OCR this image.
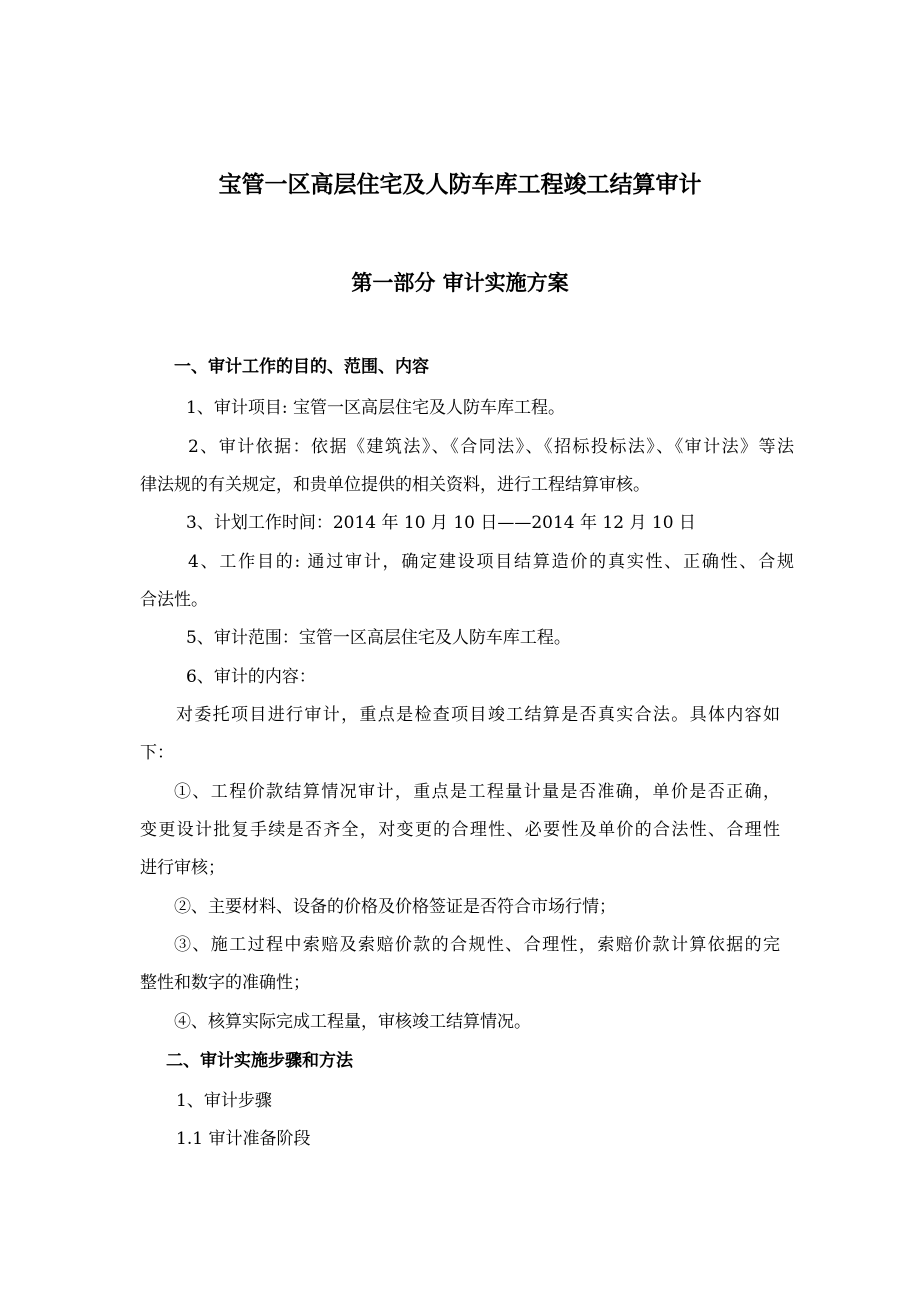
宝管一区高层住宅及人防车库工程竣工结算审计
第一部分 审计实施方案
一、审计工作的目的、范围、内容
1、审计项目: 宝管一区高层住宅及人防车库工程。
2、审计依据：依据《建筑法》、《合同法》、《招标投标法》、《审计法》等法
律法规的有关规定，和贵单位提供的相关资料，进行工程结算审核。
3、计划工作时间：2014 年 10 月 10 日——2014 年 12 月 10 日
4、工作目的: 通过审计，确定建设项目结算造价的真实性、正确性、合规
合法性。
5、审计范围：宝管一区高层住宅及人防车库工程。
6、审计的内容：
对委托项目进行审计，重点是检查项目竣工结算是否真实合法。具体内容如
下：
①、工程价款结算情况审计，重点是工程量计量是否准确，单价是否正确，
变更设计批复手续是否齐全，对变更的合理性、必要性及单价的合法性、合理性
进行审核；
②、主要材料、设备的价格及价格签证是否符合市场行情；
③、施工过程中索赔及索赔价款的合规性、合理性，索赔价款计算依据的完
整性和数字的准确性；
④、核算实际完成工程量，审核竣工结算情况。
二、审计实施步骤和方法
1、审计步骤
1.1 审计准备阶段
